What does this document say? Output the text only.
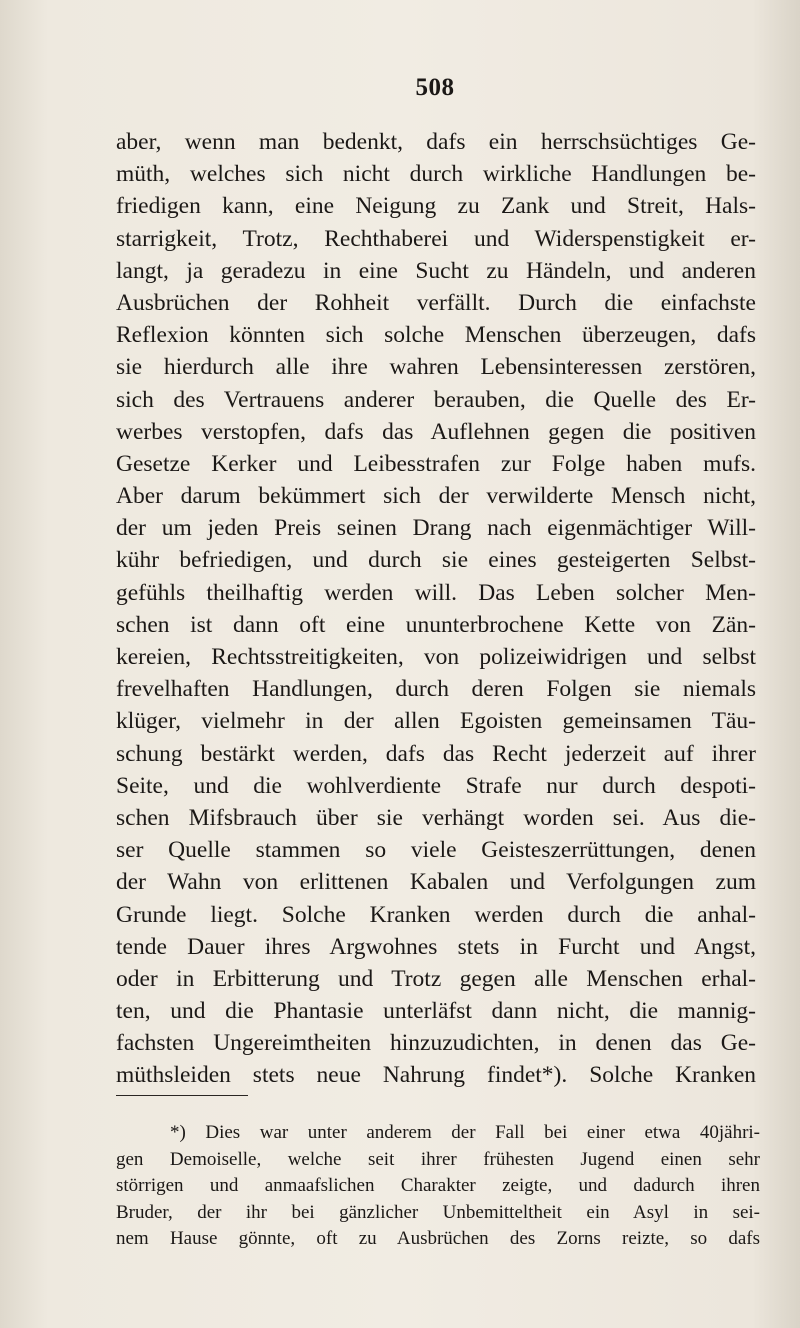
508
aber, wenn man bedenkt, dafs ein herrschsüchtiges Ge-
müth, welches sich nicht durch wirkliche Handlungen be-
friedigen kann, eine Neigung zu Zank und Streit, Hals-
starrigkeit, Trotz, Rechthaberei und Widerspenstigkeit er-
langt, ja geradezu in eine Sucht zu Händeln, und anderen
Ausbrüchen der Rohheit verfällt. Durch die einfachste
Reflexion könnten sich solche Menschen überzeugen, dafs
sie hierdurch alle ihre wahren Lebensinteressen zerstören,
sich des Vertrauens anderer berauben, die Quelle des Er-
werbes verstopfen, dafs das Auflehnen gegen die positiven
Gesetze Kerker und Leibesstrafen zur Folge haben mufs.
Aber darum bekümmert sich der verwilderte Mensch nicht,
der um jeden Preis seinen Drang nach eigenmächtiger Will-
kühr befriedigen, und durch sie eines gesteigerten Selbst-
gefühls theilhaftig werden will. Das Leben solcher Men-
schen ist dann oft eine ununterbrochene Kette von Zän-
kereien, Rechtsstreitigkeiten, von polizeiwidrigen und selbst
frevelhaften Handlungen, durch deren Folgen sie niemals
klüger, vielmehr in der allen Egoisten gemeinsamen Täu-
schung bestärkt werden, dafs das Recht jederzeit auf ihrer
Seite, und die wohlverdiente Strafe nur durch despoti-
schen Mifsbrauch über sie verhängt worden sei. Aus die-
ser Quelle stammen so viele Geisteszerrüttungen, denen
der Wahn von erlittenen Kabalen und Verfolgungen zum
Grunde liegt. Solche Kranken werden durch die anhal-
tende Dauer ihres Argwohnes stets in Furcht und Angst,
oder in Erbitterung und Trotz gegen alle Menschen erhal-
ten, und die Phantasie unterläfst dann nicht, die mannig-
fachsten Ungereimtheiten hinzuzudichten, in denen das Ge-
müthsleiden stets neue Nahrung findet*). Solche Kranken
*) Dies war unter anderem der Fall bei einer etwa 40jähri-
gen Demoiselle, welche seit ihrer frühesten Jugend einen sehr
störrigen und anmaafslichen Charakter zeigte, und dadurch ihren
Bruder, der ihr bei gänzlicher Unbemitteltheit ein Asyl in sei-
nem Hause gönnte, oft zu Ausbrüchen des Zorns reizte, so dafs
